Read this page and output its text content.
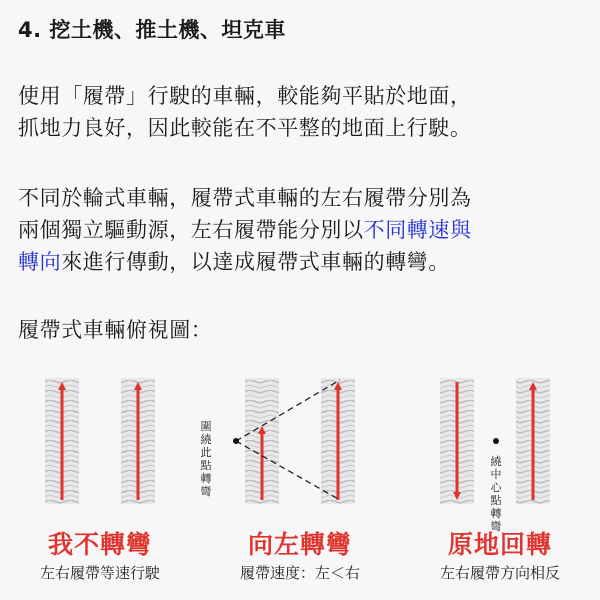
4. 挖土機、推土機、坦克車
使用「履帶」行駛的車輛，較能夠平貼於地面，
抓地力良好，因此較能在不平整的地面上行駛。
不同於輪式車輛，履帶式車輛的左右履帶分別為
兩個獨立驅動源，左右履帶能分別以不同轉速與
轉向來進行傳動，以達成履帶式車輛的轉彎。
履帶式車輛俯視圖：
圍繞
此點
轉彎
繞中
心點
轉彎
我不轉彎
左右履帶等速行駛
向左轉彎
履帶速度：左＜右
原地回轉
左右履帶方向相反
